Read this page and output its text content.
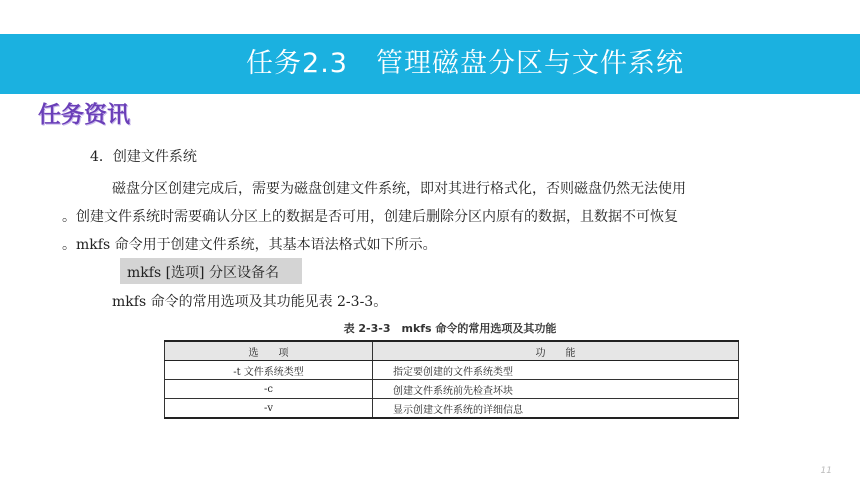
任务2.3　管理磁盘分区与文件系统
任务资讯
4．创建文件系统
磁盘分区创建完成后，需要为磁盘创建文件系统，即对其进行格式化，否则磁盘仍然无法使用
。创建文件系统时需要确认分区上的数据是否可用，创建后删除分区内原有的数据，且数据不可恢复
。mkfs 命令用于创建文件系统，其基本语法格式如下所示。
mkfs [选项] 分区设备名
mkfs 命令的常用选项及其功能见表 2-3-3。
表 2-3-3　mkfs 命令的常用选项及其功能
选　　项	功　　能
-t 文件系统类型	指定要创建的文件系统类型
-c	创建文件系统前先检查坏块
-v	显示创建文件系统的详细信息
11
